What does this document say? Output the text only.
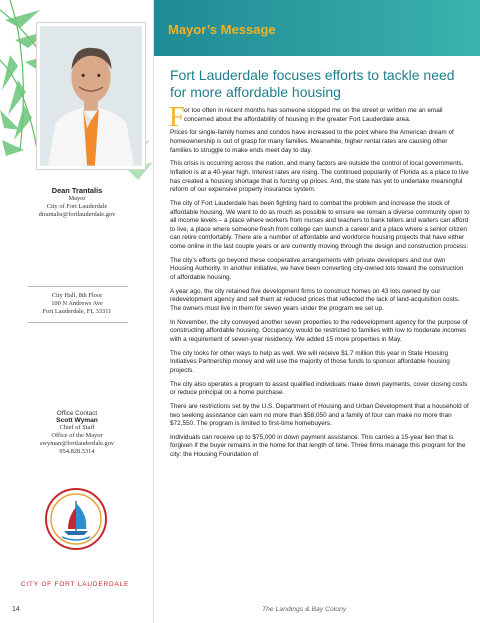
Dean Trantalis
Mayor
City of Fort Lauderdale
dtrantalis@fortlauderdale.gov
City Hall, 8th Floor
100 N Andrews Ave
Fort Lauderdale, FL 33311
Office Contact
Scott Wyman
Chief of Staff
Office of the Mayor
swyman@fortlauderdale.gov
954.828.5314
CITY OF FORT LAUDERDALE
Mayor’s Message
Fort Lauderdale focuses efforts to tackle need for more affordable housing
F or too often in recent months has someone stopped me on the street or written me an email concerned about the affordability of housing in the greater Fort Lauderdale area.

Prices for single-family homes and condos have increased to the point where the American dream of homeownership is out of grasp for many families. Meanwhile, higher rental rates are causing other families to struggle to make ends meet day to day.

This crisis is occurring across the nation, and many factors are outside the control of local governments. Inflation is at a 40-year high. Interest rates are rising. The continued popularity of Florida as a place to live has created a housing shortage that is forcing up prices. And, the state has yet to undertake meaningful reform of our expensive property insurance system.

The city of Fort Lauderdale has been fighting hard to combat the problem and increase the stock of affordable housing. We want to do as much as possible to ensure we remain a diverse community open to all income levels – a place where workers from nurses and teachers to bank tellers and waiters can afford to live, a place where someone fresh from college can launch a career and a place where a senior citizen can retire comfortably. There are a number of affordable and workforce housing projects that have either come online in the last couple years or are currently moving through the design and construction process:

The city’s efforts go beyond these cooperative arrangements with private developers and our own Housing Authority. In another initiative, we have been converting city-owned lots toward the construction of affordable housing.

A year ago, the city retained five development firms to construct homes on 43 lots owned by our redevelopment agency and sell them at reduced prices that reflected the lack of land-acquisition costs. The owners must live in them for seven years under the program we set up.

In November, the city conveyed another seven properties to the redevelopment agency for the purpose of constructing affordable housing. Occupancy would be restricted to families with low to moderate incomes with a requirement of seven-year residency. We added 15 more properties in May.

The city looks for other ways to help as well. We will receive $1.7 million this year in State Housing Initiatives Partnership money and will use the majority of those funds to sponsor affordable housing projects.

The city also operates a program to assist qualified individuals make down payments, cover closing costs or reduce principal on a home purchase.

There are restrictions set by the U.S. Department of Housing and Urban Development that a household of two seeking assistance can earn no more than $58,050 and a family of four can make no more than $72,550. The program is limited to first-time homebuyers.

Individuals can receive up to $75,000 in down payment assistance. This carries a 15-year lien that is forgiven if the buyer remains in the home for that length of time. Three firms manage this program for the city: the Housing Foundation of

14	The Landings & Bay Colony
